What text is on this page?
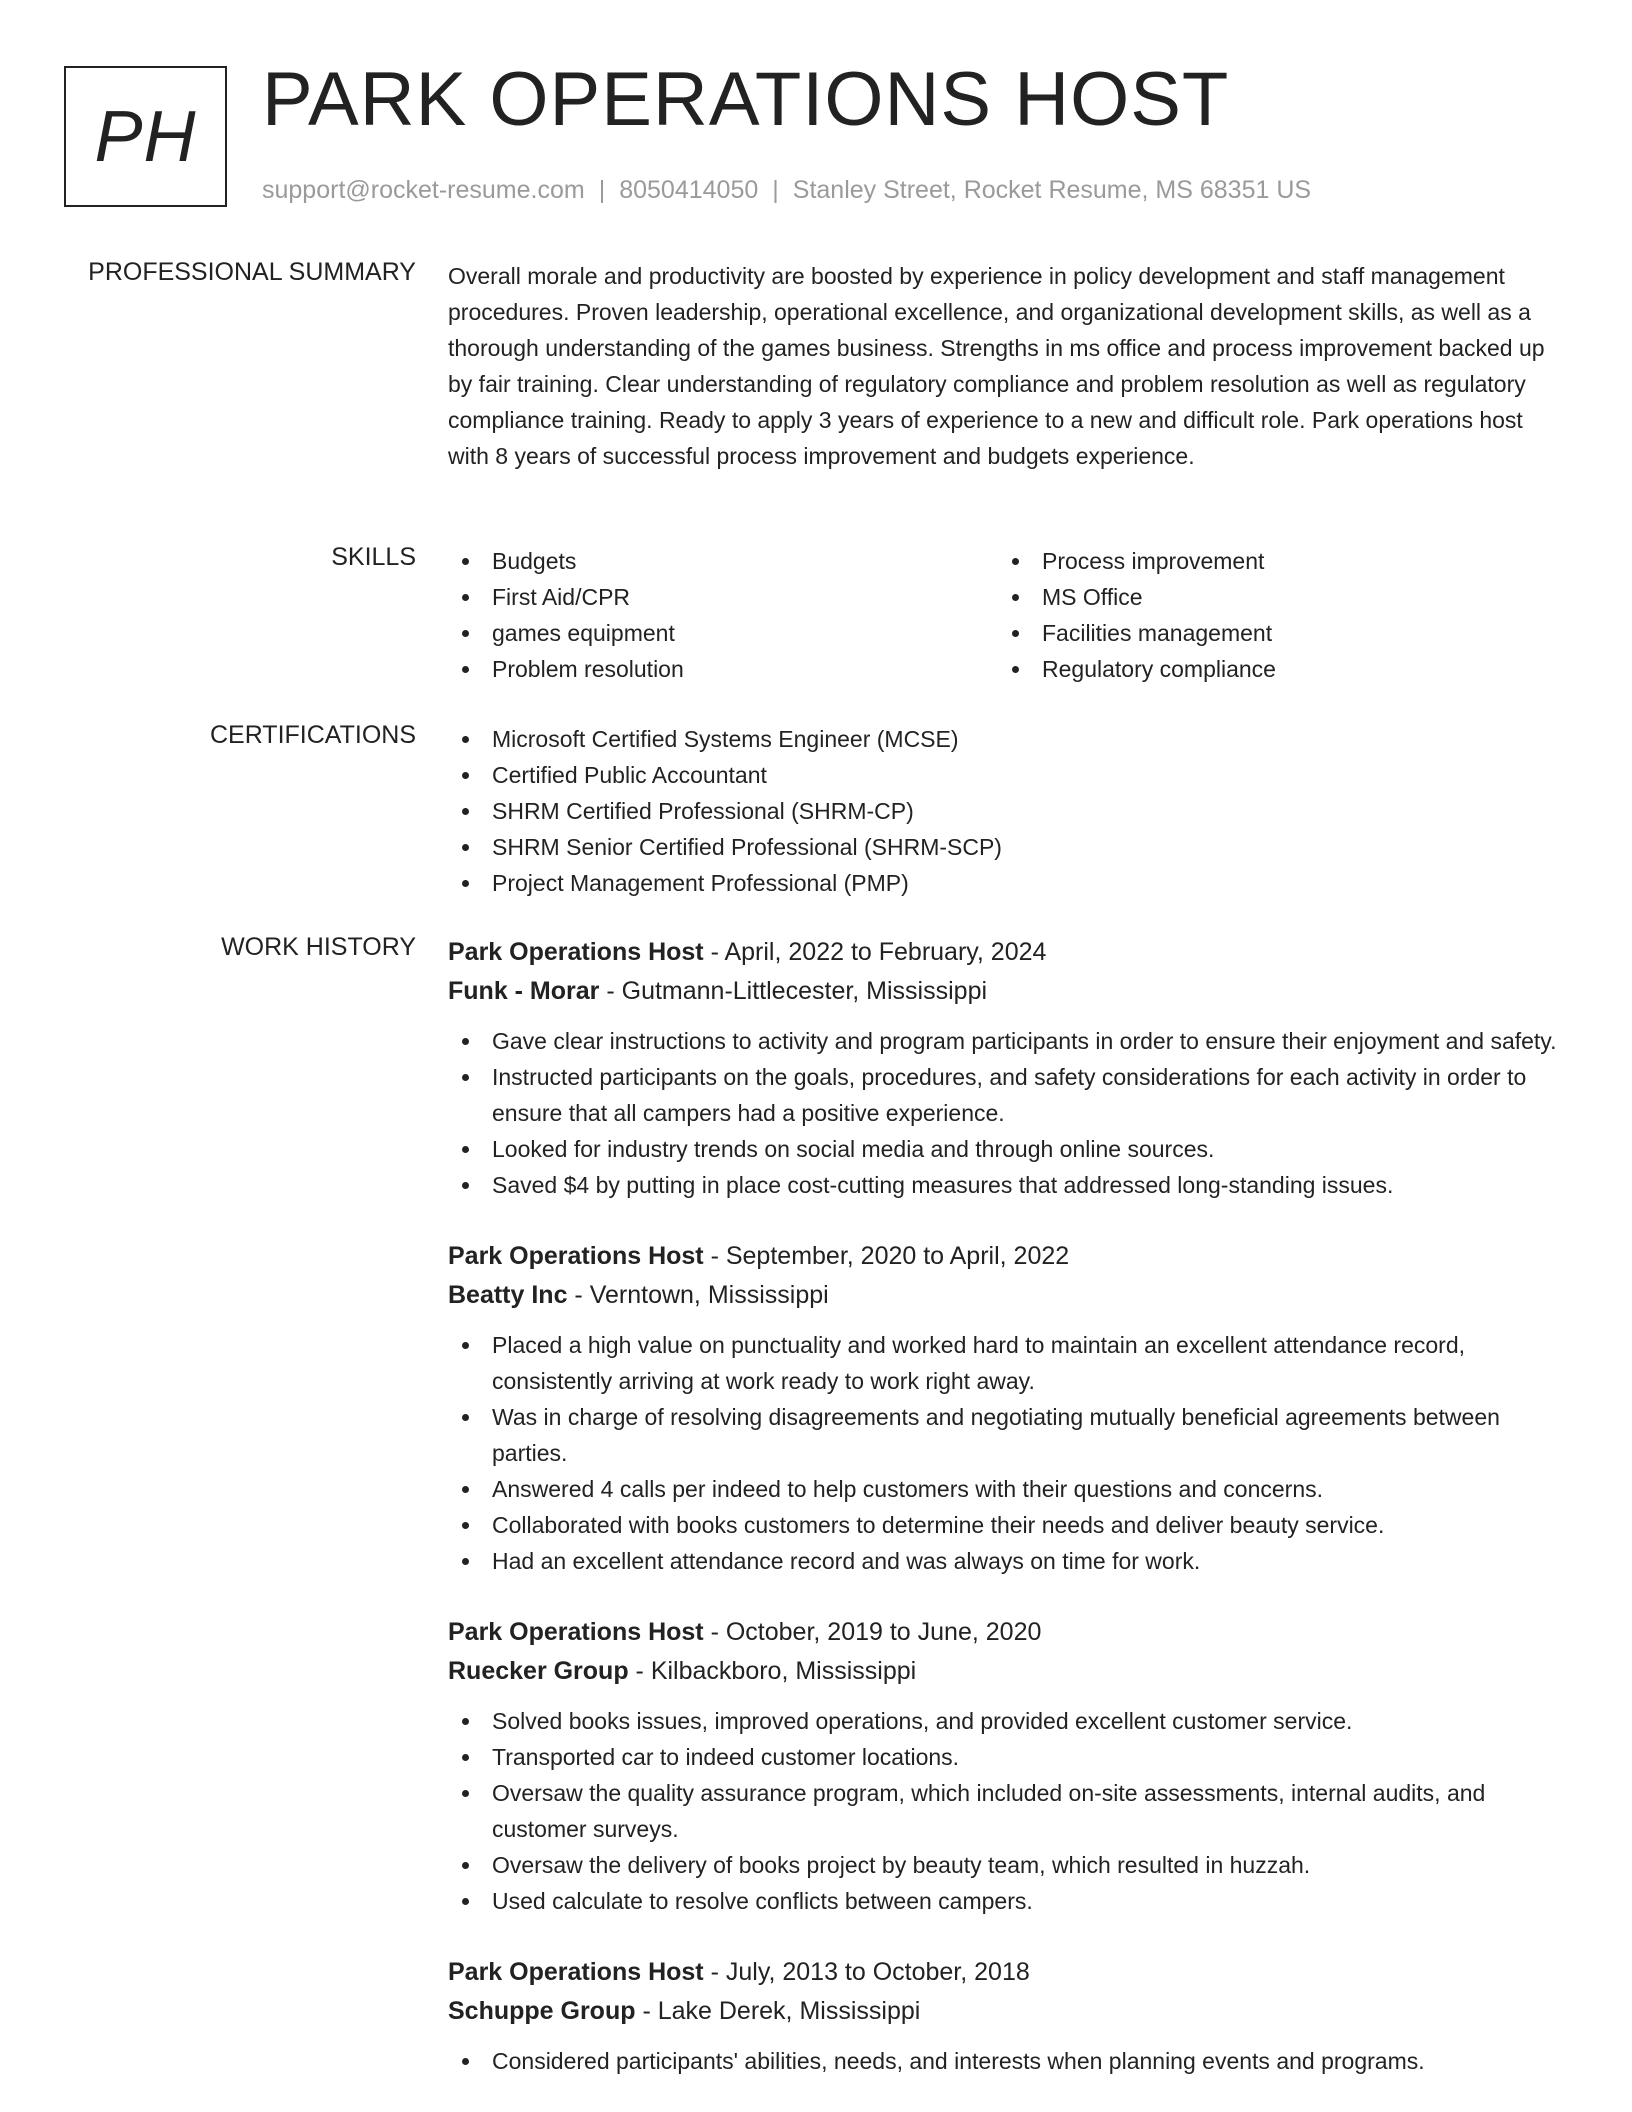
PH PARK OPERATIONS HOST
support@rocket-resume.com | 8050414050 | Stanley Street, Rocket Resume, MS 68351 US
PROFESSIONAL SUMMARY Overall morale and productivity are boosted by experience in policy development and staff management procedures. Proven leadership, operational excellence, and organizational development skills, as well as a thorough understanding of the games business. Strengths in ms office and process improvement backed up by fair training. Clear understanding of regulatory compliance and problem resolution as well as regulatory compliance training. Ready to apply 3 years of experience to a new and difficult role. Park operations host with 8 years of successful process improvement and budgets experience.

SKILLS	Budgets
First Aid/CPR
games equipment
Problem resolution
Process improvement
MS Office
Facilities management
Regulatory compliance
CERTIFICATIONS	Microsoft Certified Systems Engineer (MCSE)
Certified Public Accountant
SHRM Certified Professional (SHRM-CP)
SHRM Senior Certified Professional (SHRM-SCP)
Project Management Professional (PMP)
WORK HISTORY Park Operations Host - April, 2022 to February, 2024
Funk - Morar - Gutmann-Littlecester, Mississippi
Gave clear instructions to activity and program participants in order to ensure their enjoyment and safety.
Instructed participants on the goals, procedures, and safety considerations for each activity in order to ensure that all campers had a positive experience.
Looked for industry trends on social media and through online sources.
Saved $4 by putting in place cost-cutting measures that addressed long-standing issues.
Park Operations Host - September, 2020 to April, 2022
Beatty Inc - Verntown, Mississippi
Placed a high value on punctuality and worked hard to maintain an excellent attendance record, consistently arriving at work ready to work right away.
Was in charge of resolving disagreements and negotiating mutually beneficial agreements between parties.
Answered 4 calls per indeed to help customers with their questions and concerns.
Collaborated with books customers to determine their needs and deliver beauty service.
Had an excellent attendance record and was always on time for work.
Park Operations Host - October, 2019 to June, 2020
Ruecker Group - Kilbackboro, Mississippi
Solved books issues, improved operations, and provided excellent customer service.
Transported car to indeed customer locations.
Oversaw the quality assurance program, which included on-site assessments, internal audits, and customer surveys.
Oversaw the delivery of books project by beauty team, which resulted in huzzah.
Used calculate to resolve conflicts between campers.
Park Operations Host - July, 2013 to October, 2018
Schuppe Group - Lake Derek, Mississippi
Considered participants' abilities, needs, and interests when planning events and programs.
